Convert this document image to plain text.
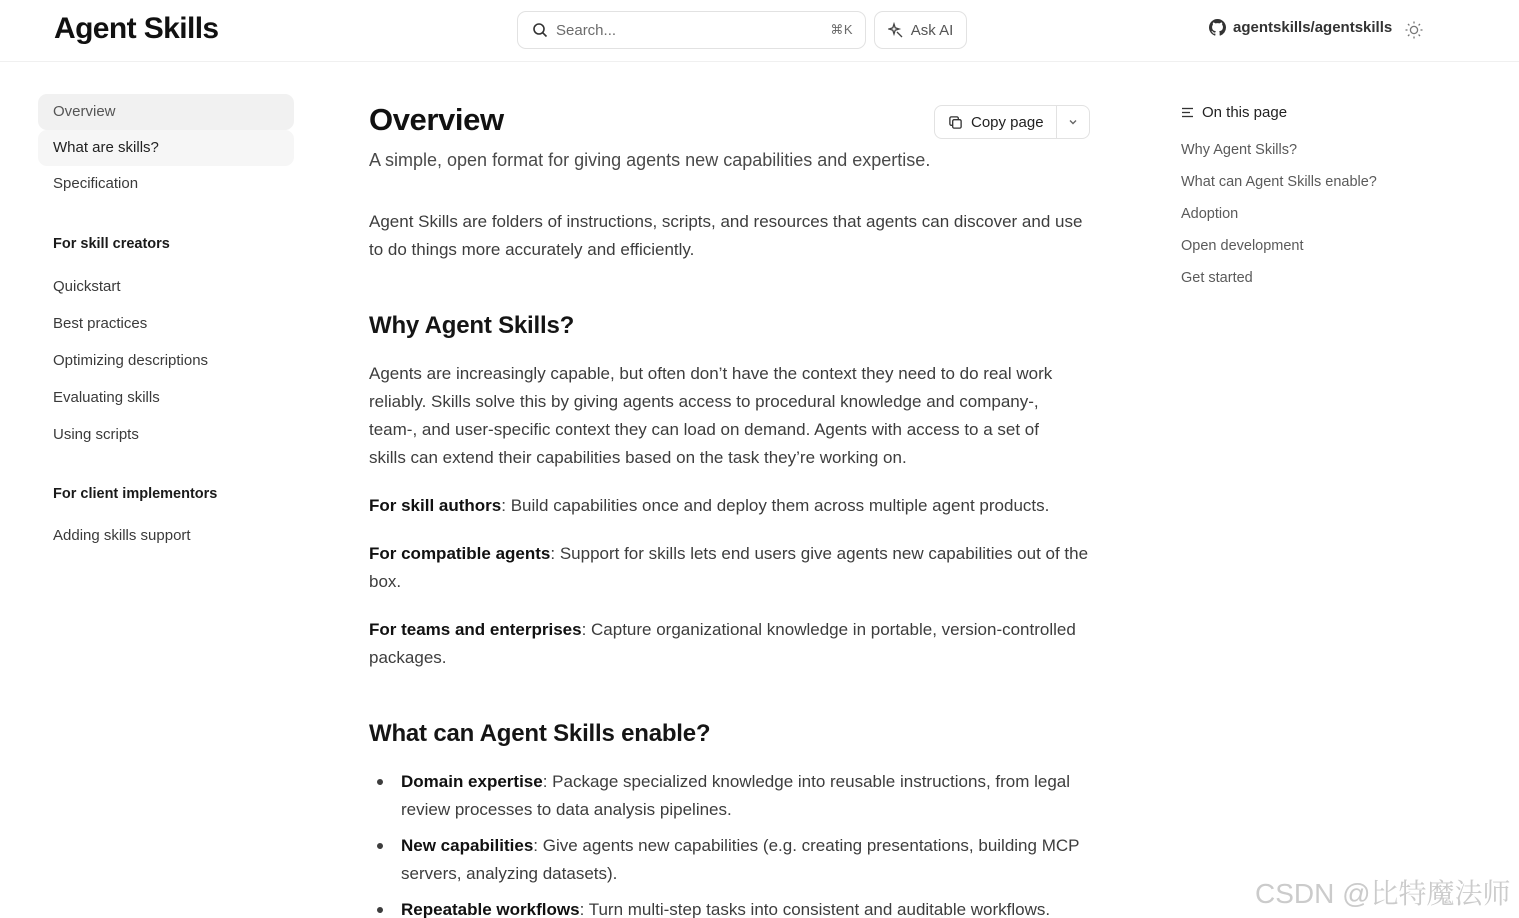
Agent Skills	Search...	⌘K	Ask AI	agentskills/agentskills
Overview
What are skills?
Specification
For skill creators
Quickstart
Best practices
Optimizing descriptions
Evaluating skills
Using scripts
For client implementors
Adding skills support
Overview	Copy page

A simple, open format for giving agents new capabilities and expertise.

Agent Skills are folders of instructions, scripts, and resources that agents can discover and use to do things more accurately and efficiently.

Why Agent Skills?

Agents are increasingly capable, but often don’t have the context they need to do real work reliably. Skills solve this by giving agents access to procedural knowledge and company-, team-, and user-specific context they can load on demand. Agents with access to a set of skills can extend their capabilities based on the task they’re working on.

For skill authors: Build capabilities once and deploy them across multiple agent products.

For compatible agents: Support for skills lets end users give agents new capabilities out of the box.

For teams and enterprises: Capture organizational knowledge in portable, version-controlled packages.

What can Agent Skills enable?
Domain expertise: Package specialized knowledge into reusable instructions, from legal review processes to data analysis pipelines.
New capabilities: Give agents new capabilities (e.g. creating presentations, building MCP servers, analyzing datasets).
Repeatable workflows: Turn multi-step tasks into consistent and auditable workflows.
On this page
Why Agent Skills?
What can Agent Skills enable?
Adoption
Open development
Get started
CSDN @比特魔法师
